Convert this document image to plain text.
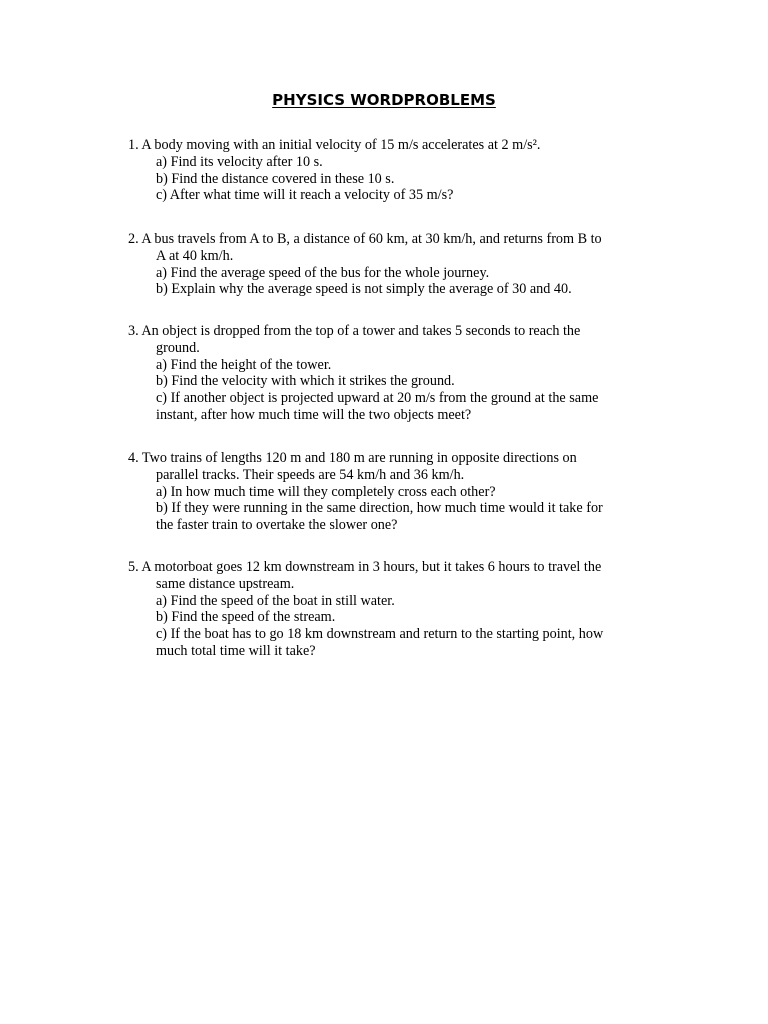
PHYSICS WORDPROBLEMS
1. A body moving with an initial velocity of 15 m/s accelerates at 2 m/s².
a) Find its velocity after 10 s.
b) Find the distance covered in these 10 s.
c) After what time will it reach a velocity of 35 m/s?
2. A bus travels from A to B, a distance of 60 km, at 30 km/h, and returns from B to
A at 40 km/h.
a) Find the average speed of the bus for the whole journey.
b) Explain why the average speed is not simply the average of 30 and 40.
3. An object is dropped from the top of a tower and takes 5 seconds to reach the
ground.
a) Find the height of the tower.
b) Find the velocity with which it strikes the ground.
c) If another object is projected upward at 20 m/s from the ground at the same
instant, after how much time will the two objects meet?
4. Two trains of lengths 120 m and 180 m are running in opposite directions on
parallel tracks. Their speeds are 54 km/h and 36 km/h.
a) In how much time will they completely cross each other?
b) If they were running in the same direction, how much time would it take for
the faster train to overtake the slower one?
5. A motorboat goes 12 km downstream in 3 hours, but it takes 6 hours to travel the
same distance upstream.
a) Find the speed of the boat in still water.
b) Find the speed of the stream.
c) If the boat has to go 18 km downstream and return to the starting point, how
much total time will it take?
